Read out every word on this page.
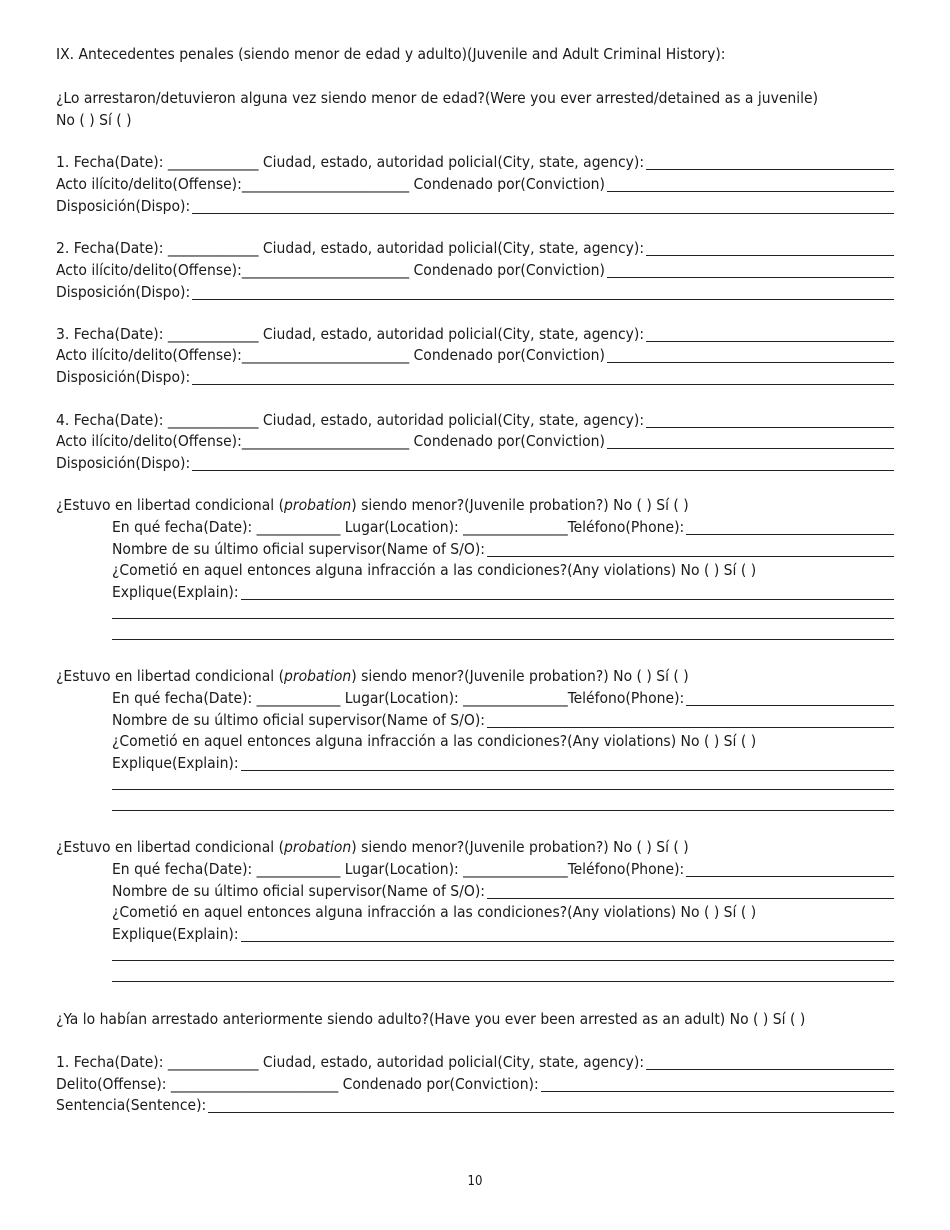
IX. Antecedentes penales (siendo menor de edad y adulto)(Juvenile and Adult Criminal History):
¿Lo arrestaron/detuvieron alguna vez siendo menor de edad?(Were you ever arrested/detained as a juvenile)
No ( ) Sí ( )
1. Fecha(Date): _____________ Ciudad, estado, autoridad policial(City, state, agency):
Acto ilícito/delito(Offense):________________________ Condenado por(Conviction)
Disposición(Dispo):
2. Fecha(Date): _____________ Ciudad, estado, autoridad policial(City, state, agency):
Acto ilícito/delito(Offense):________________________ Condenado por(Conviction)
Disposición(Dispo):
3. Fecha(Date): _____________ Ciudad, estado, autoridad policial(City, state, agency):
Acto ilícito/delito(Offense):________________________ Condenado por(Conviction)
Disposición(Dispo):
4. Fecha(Date): _____________ Ciudad, estado, autoridad policial(City, state, agency):
Acto ilícito/delito(Offense):________________________ Condenado por(Conviction)
Disposición(Dispo):
¿Estuvo en libertad condicional ( probation ) siendo menor?(Juvenile probation?) No ( ) Sí ( )
En qué fecha(Date): ____________ Lugar(Location): _______________Teléfono(Phone):
Nombre de su último oficial supervisor(Name of S/O):
¿Cometió en aquel entonces alguna infracción a las condiciones?(Any violations) No ( ) Sí ( )
Explique(Explain):
¿Estuvo en libertad condicional ( probation ) siendo menor?(Juvenile probation?) No ( ) Sí ( )
En qué fecha(Date): ____________ Lugar(Location): _______________Teléfono(Phone):
Nombre de su último oficial supervisor(Name of S/O):
¿Cometió en aquel entonces alguna infracción a las condiciones?(Any violations) No ( ) Sí ( )
Explique(Explain):
¿Estuvo en libertad condicional ( probation ) siendo menor?(Juvenile probation?) No ( ) Sí ( )
En qué fecha(Date): ____________ Lugar(Location): _______________Teléfono(Phone):
Nombre de su último oficial supervisor(Name of S/O):
¿Cometió en aquel entonces alguna infracción a las condiciones?(Any violations) No ( ) Sí ( )
Explique(Explain):
¿Ya lo habían arrestado anteriormente siendo adulto?(Have you ever been arrested as an adult) No ( ) Sí ( )
1. Fecha(Date): _____________ Ciudad, estado, autoridad policial(City, state, agency):
Delito(Offense): ________________________ Condenado por(Conviction):
Sentencia(Sentence):
10
